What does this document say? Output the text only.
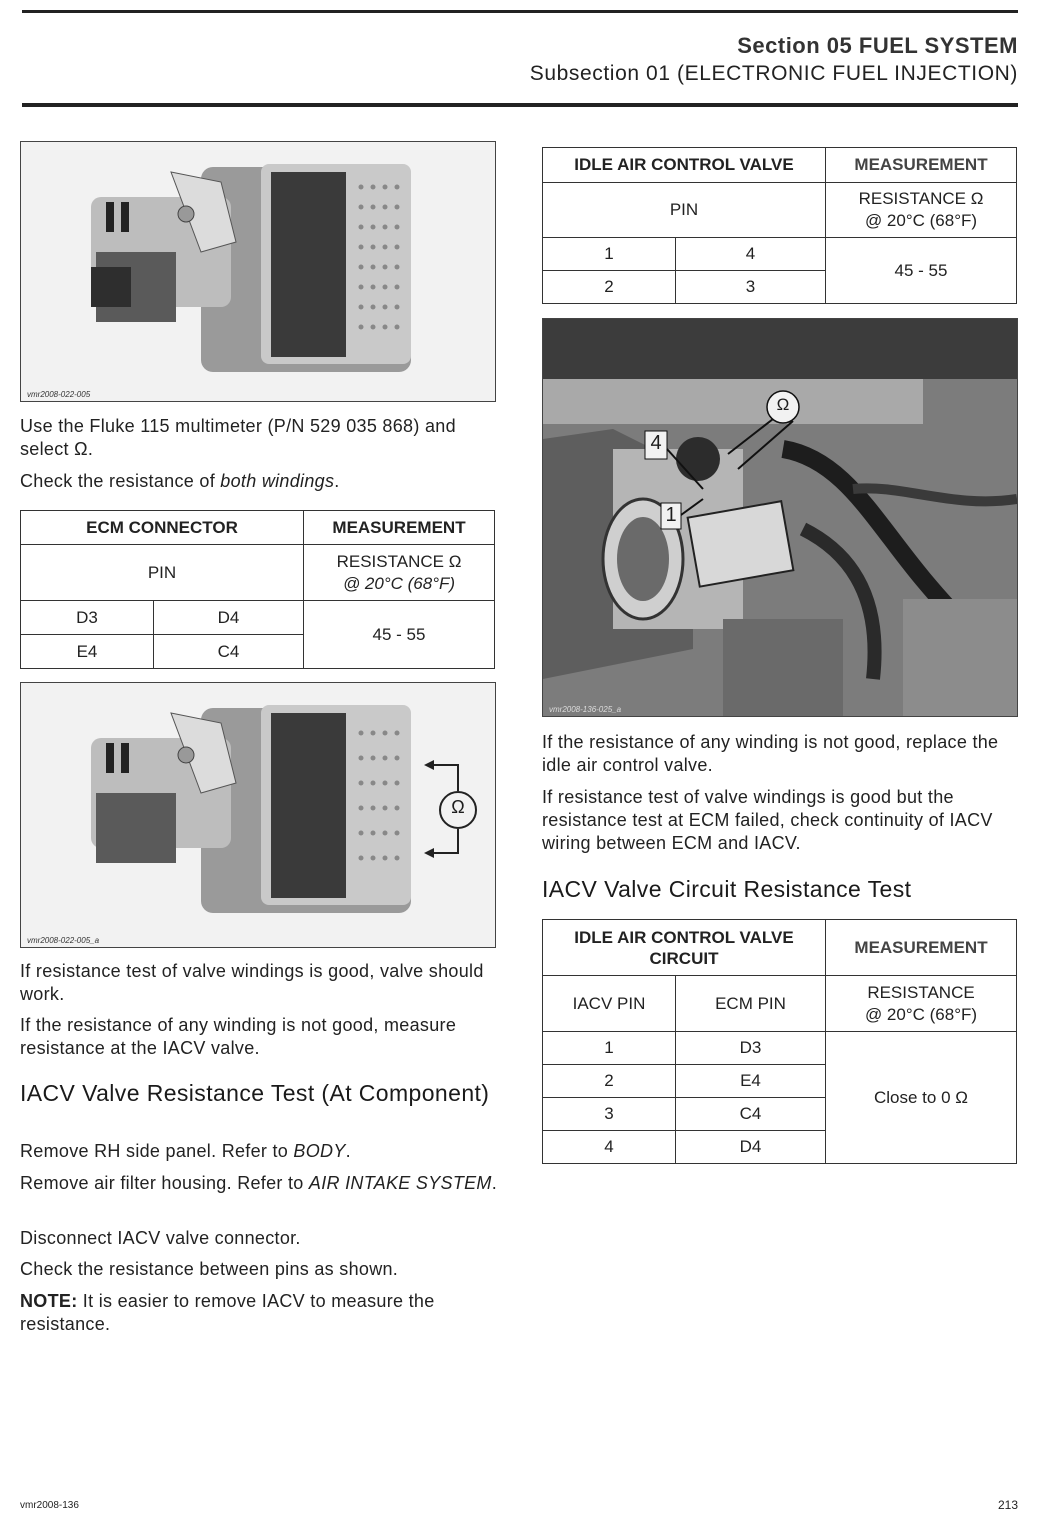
Section 05 FUEL SYSTEM
Subsection 01 (ELECTRONIC FUEL INJECTION)
vmr2008-022-005
Use the Fluke 115 multimeter (P/N 529 035 868) and select Ω.
Check the resistance of both windings.
ECM CONNECTOR		MEASUREMENT
PIN		RESISTANCE Ω
@ 20°C (68°F)
D3	D4	45 - 55
E4	C4	
Ω
vmr2008-022-005_a
If resistance test of valve windings is good, valve should work.
If the resistance of any winding is not good, measure resistance at the IACV valve.
IACV Valve Resistance Test (At Component)
Remove RH side panel. Refer to BODY.
Remove air filter housing. Refer to AIR INTAKE SYSTEM.
Disconnect IACV valve connector.
Check the resistance between pins as shown.
NOTE: It is easier to remove IACV to measure the resistance.
IDLE AIR CONTROL VALVE		MEASUREMENT
PIN		RESISTANCE Ω
@ 20°C (68°F)
1	4	45 - 55
2	3	
Ω
4
1
vmr2008-136-025_a
If the resistance of any winding is not good, replace the idle air control valve.
If resistance test of valve windings is good but the resistance test at ECM failed, check continuity of IACV wiring between ECM and IACV.
IACV Valve Circuit Resistance Test
IDLE AIR CONTROL VALVE CIRCUIT		MEASUREMENT
IACV PIN	ECM PIN	RESISTANCE
@ 20°C (68°F)
1	D3	Close to 0 Ω
2	E4	
3	C4	
4	D4	
vmr2008-136	213
